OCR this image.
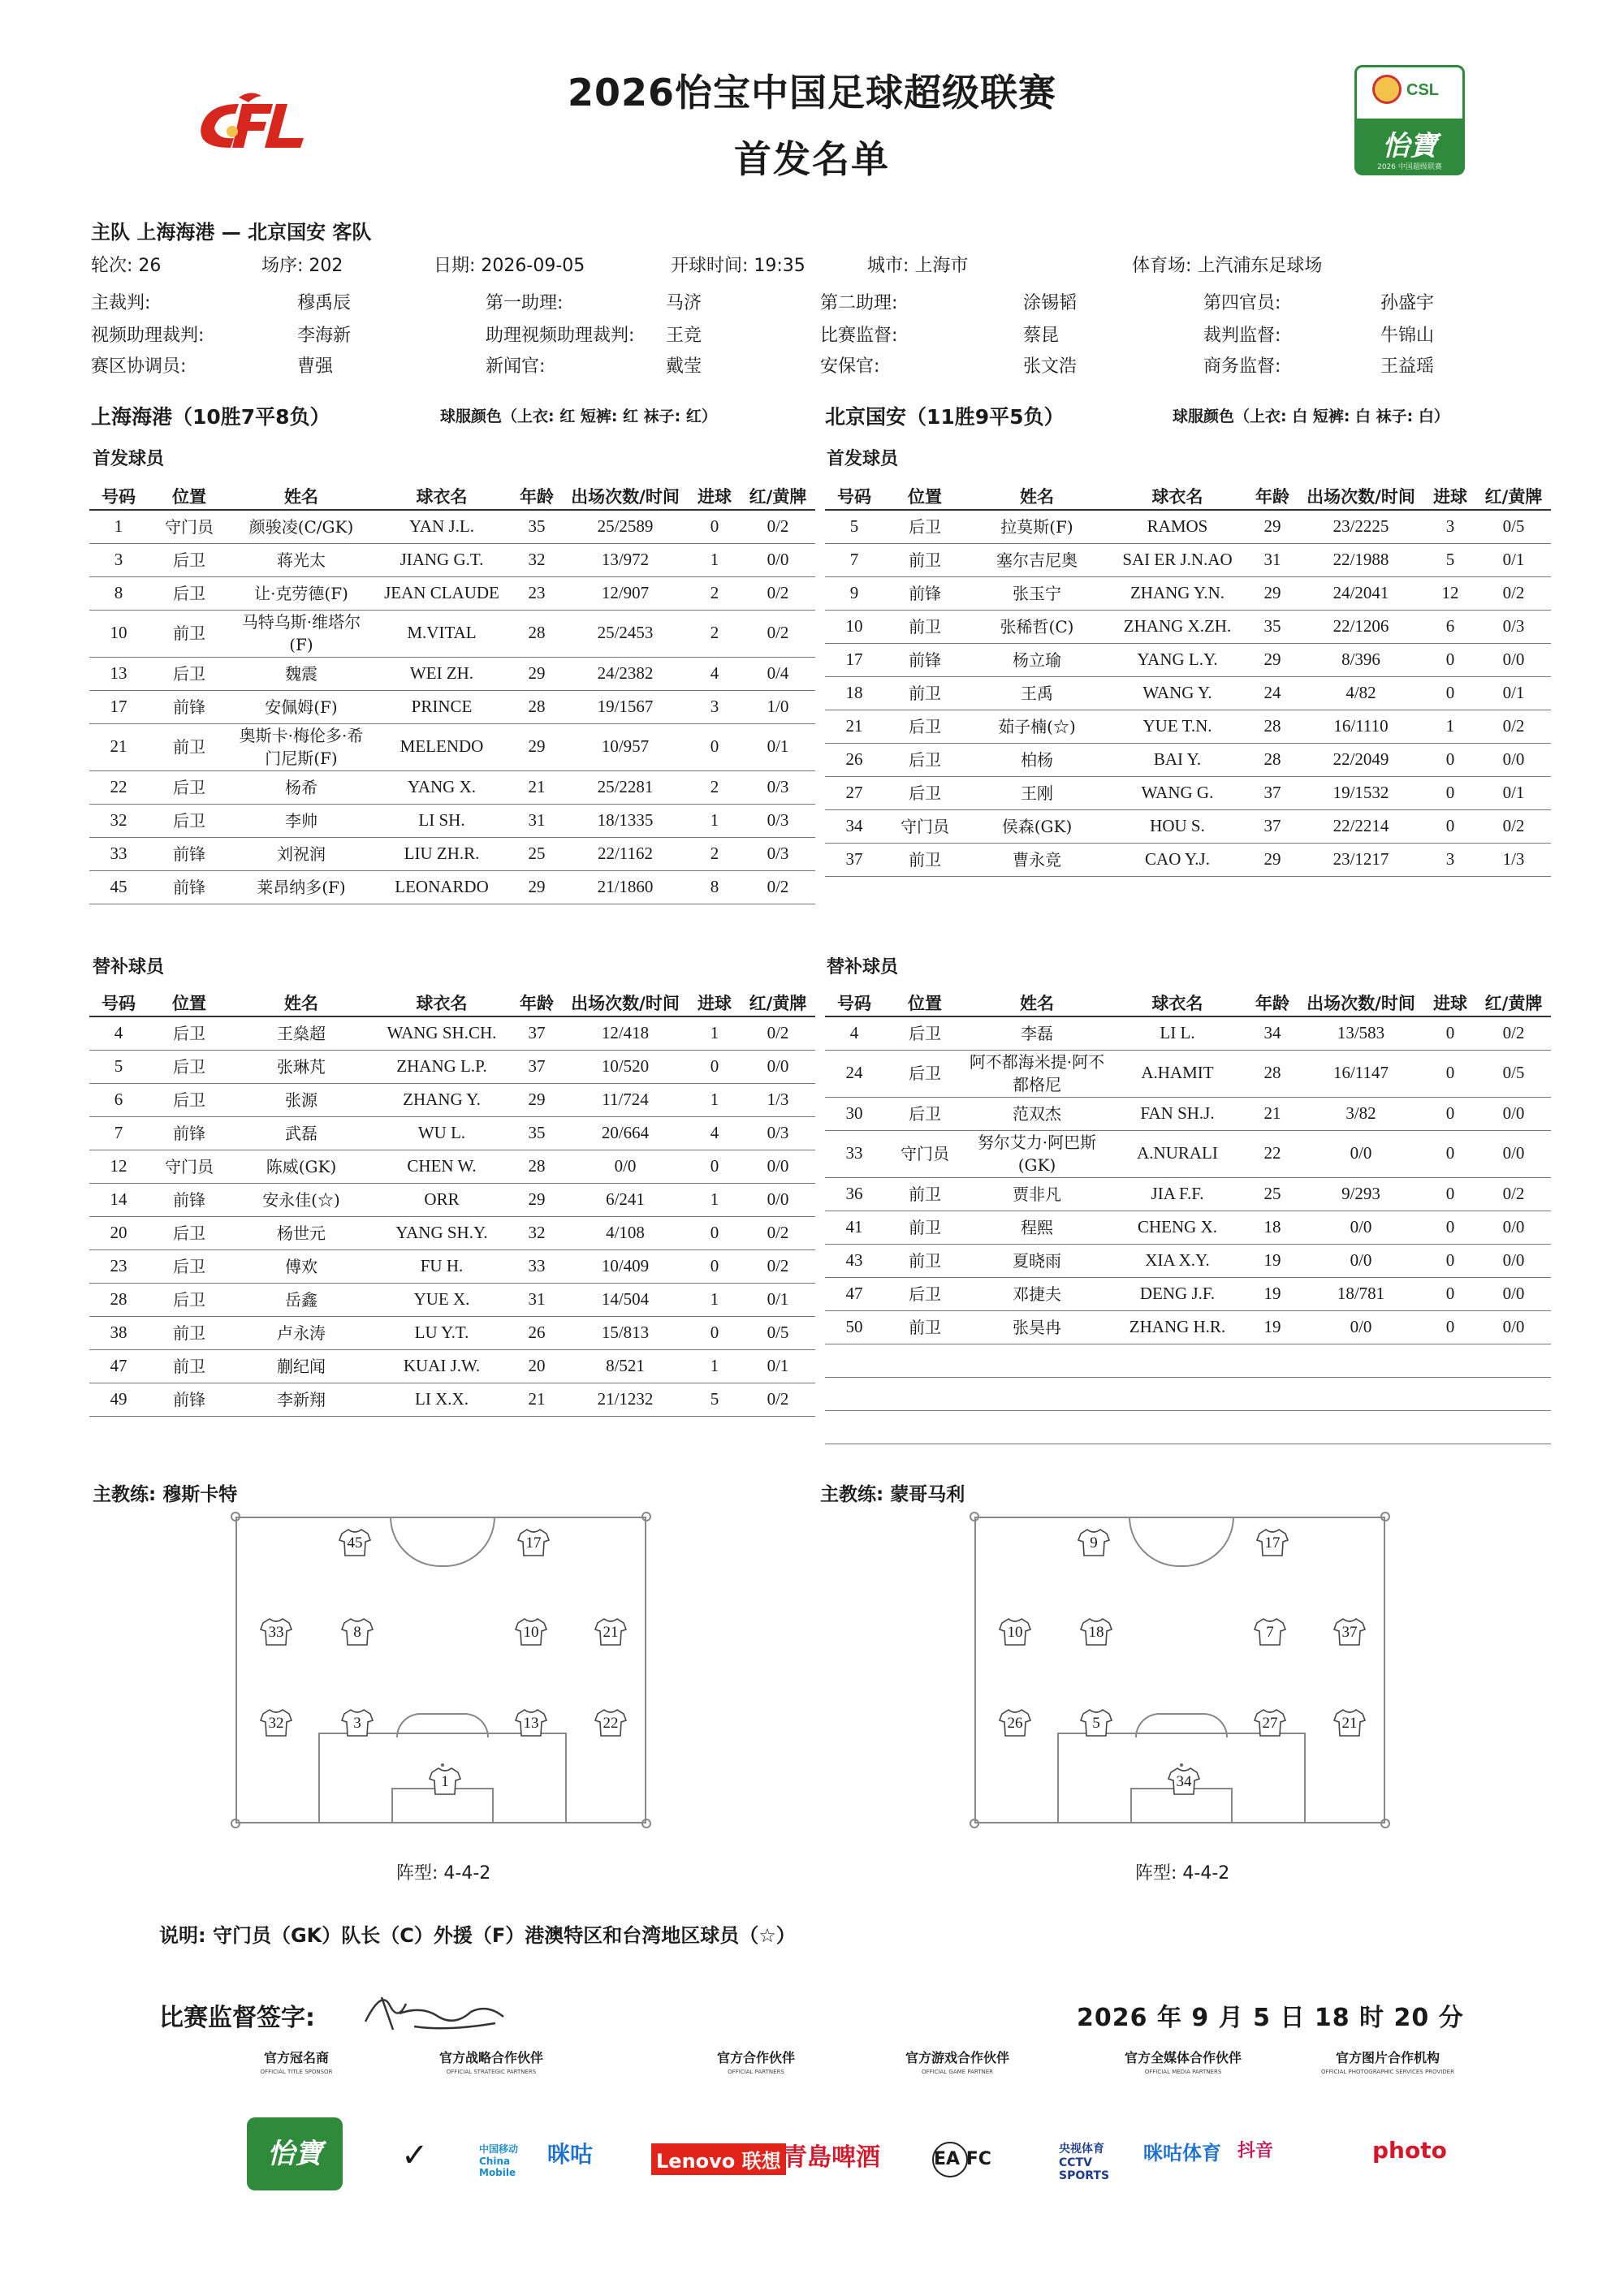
2026怡宝中国足球超级联赛
首发名单
CSL
怡寶
2026 中国超级联赛
主队 上海海港 — 北京国安 客队
轮次: 26	场序: 202	日期: 2026-09-05	开球时间: 19:35	城市: 上海市	体育场: 上汽浦东足球场
主裁判:	穆禹辰	第一助理:	马济	第二助理:	涂锡韬	第四官员:	孙盛宇
视频助理裁判:	李海新	助理视频助理裁判: 王竞	比赛监督:	蔡昆	裁判监督:	牛锦山
赛区协调员:	曹强	新闻官:	戴莹	安保官:	张文浩	商务监督:	王益瑶
上海海港（10胜7平8负）	球服颜色（上衣: 红 短裤: 红 袜子: 红）	北京国安（11胜9平5负）	球服颜色（上衣: 白 短裤: 白 袜子: 白）
首发球员	首发球员
替补球员	替补球员
号码	位置	姓名	球衣名	年龄	出场次数/时间	进球	红/黄牌
1	守门员	颜骏凌(C/GK)	YAN J.L.	35	25/2589	0	0/2
3	后卫	蒋光太	JIANG G.T.	32	13/972	1	0/0
8	后卫	让·克劳德(F)	JEAN CLAUDE	23	12/907	2	0/2
10	前卫	马特乌斯·维塔尔(F)	M.VITAL	28	25/2453	2	0/2
13	后卫	魏震	WEI ZH.	29	24/2382	4	0/4
17	前锋	安佩姆(F)	PRINCE	28	19/1567	3	1/0
21	前卫	奥斯卡·梅伦多·希门尼斯(F)	MELENDO	29	10/957	0	0/1
22	后卫	杨希	YANG X.	21	25/2281	2	0/3
32	后卫	李帅	LI SH.	31	18/1335	1	0/3
33	前锋	刘祝润	LIU ZH.R.	25	22/1162	2	0/3
45	前锋	莱昂纳多(F)	LEONARDO	29	21/1860	8	0/2
号码	位置	姓名	球衣名	年龄	出场次数/时间	进球	红/黄牌
5	后卫	拉莫斯(F)	RAMOS	29	23/2225	3	0/5
7	前卫	塞尔吉尼奥	SAI ER J.N.AO	31	22/1988	5	0/1
9	前锋	张玉宁	ZHANG Y.N.	29	24/2041	12	0/2
10	前卫	张稀哲(C)	ZHANG X.ZH.	35	22/1206	6	0/3
17	前锋	杨立瑜	YANG L.Y.	29	8/396	0	0/0
18	前卫	王禹	WANG Y.	24	4/82	0	0/1
21	后卫	茹子楠(☆)	YUE T.N.	28	16/1110	1	0/2
26	后卫	柏杨	BAI Y.	28	22/2049	0	0/0
27	后卫	王刚	WANG G.	37	19/1532	0	0/1
34	守门员	侯森(GK)	HOU S.	37	22/2214	0	0/2
37	前卫	曹永竞	CAO Y.J.	29	23/1217	3	1/3
号码	位置	姓名	球衣名	年龄	出场次数/时间	进球	红/黄牌
4	后卫	王燊超	WANG SH.CH.	37	12/418	1	0/2
5	后卫	张琳芃	ZHANG L.P.	37	10/520	0	0/0
6	后卫	张源	ZHANG Y.	29	11/724	1	1/3
7	前锋	武磊	WU L.	35	20/664	4	0/3
12	守门员	陈威(GK)	CHEN W.	28	0/0	0	0/0
14	前锋	安永佳(☆)	ORR	29	6/241	1	0/0
20	后卫	杨世元	YANG SH.Y.	32	4/108	0	0/2
23	后卫	傅欢	FU H.	33	10/409	0	0/2
28	后卫	岳鑫	YUE X.	31	14/504	1	0/1
38	前卫	卢永涛	LU Y.T.	26	15/813	0	0/5
47	前卫	蒯纪闻	KUAI J.W.	20	8/521	1	0/1
49	前锋	李新翔	LI X.X.	21	21/1232	5	0/2
号码	位置	姓名	球衣名	年龄	出场次数/时间	进球	红/黄牌
4	后卫	李磊	LI L.	34	13/583	0	0/2
24	后卫	阿不都海米提·阿不都格尼	A.HAMIT	28	16/1147	0	0/5
30	后卫	范双杰	FAN SH.J.	21	3/82	0	0/0
33	守门员	努尔艾力·阿巴斯(GK)	A.NURALI	22	0/0	0	0/0
36	前卫	贾非凡	JIA F.F.	25	9/293	0	0/2
41	前卫	程熙	CHENG X.	18	0/0	0	0/0
43	前卫	夏晓雨	XIA X.Y.	19	0/0	0	0/0
47	后卫	邓捷夫	DENG J.F.	19	18/781	0	0/0
50	前卫	张昊冉	ZHANG H.R.	19	0/0	0	0/0

主教练: 穆斯卡特	主教练: 蒙哥马利
45	17
33	8	10	21
32	3	13	22
1
9	17
10	18	7	37
26	5	27	21
34
阵型: 4-4-2	阵型: 4-4-2
说明: 守门员（GK）队长（C）外援（F）港澳特区和台湾地区球员（☆）
比赛监督签字:	2026 年 9 月 5 日 18 时 20 分
官方冠名商
OFFICIAL TITLE SPONSOR
官方战略合作伙伴
OFFICIAL STRATEGIC PARTNERS
官方合作伙伴
OFFICIAL PARTNERS
官方游戏合作伙伴
OFFICIAL GAME PARTNER
官方全媒体合作伙伴
OFFICIAL MEDIA PARTNERS
官方图片合作机构
OFFICIAL PHOTOGRAPHIC SERVICES PROVIDER
怡寶	✓	中国移动 China Mobile
咪咕	Lenovo 联想 青島啤酒	EA FC	央视体育 CCTV SPORTS
咪咕体育 抖音	photo
